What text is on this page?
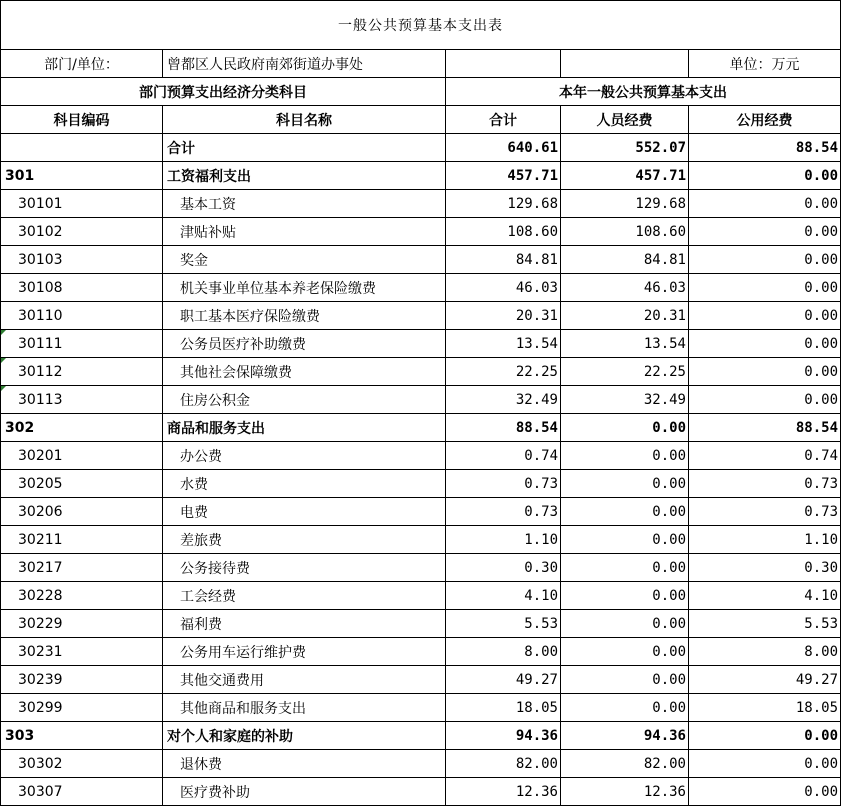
一般公共预算基本支出表				
部门/单位：	曾都区人民政府南郊街道办事处			单位：万元
部门预算支出经济分类科目		本年一般公共预算基本支出		
科目编码	科目名称	合计	人员经费	公用经费
	合计	640.61	552.07	88.54
301	工资福利支出	457.71	457.71	0.00
30101	基本工资	129.68	129.68	0.00
30102	津贴补贴	108.60	108.60	0.00
30103	奖金	84.81	84.81	0.00
30108	机关事业单位基本养老保险缴费	46.03	46.03	0.00
30110	职工基本医疗保险缴费	20.31	20.31	0.00
30111	公务员医疗补助缴费	13.54	13.54	0.00
30112	其他社会保障缴费	22.25	22.25	0.00
30113	住房公积金	32.49	32.49	0.00
302	商品和服务支出	88.54	0.00	88.54
30201	办公费	0.74	0.00	0.74
30205	水费	0.73	0.00	0.73
30206	电费	0.73	0.00	0.73
30211	差旅费	1.10	0.00	1.10
30217	公务接待费	0.30	0.00	0.30
30228	工会经费	4.10	0.00	4.10
30229	福利费	5.53	0.00	5.53
30231	公务用车运行维护费	8.00	0.00	8.00
30239	其他交通费用	49.27	0.00	49.27
30299	其他商品和服务支出	18.05	0.00	18.05
303	对个人和家庭的补助	94.36	94.36	0.00
30302	退休费	82.00	82.00	0.00
30307	医疗费补助	12.36	12.36	0.00
